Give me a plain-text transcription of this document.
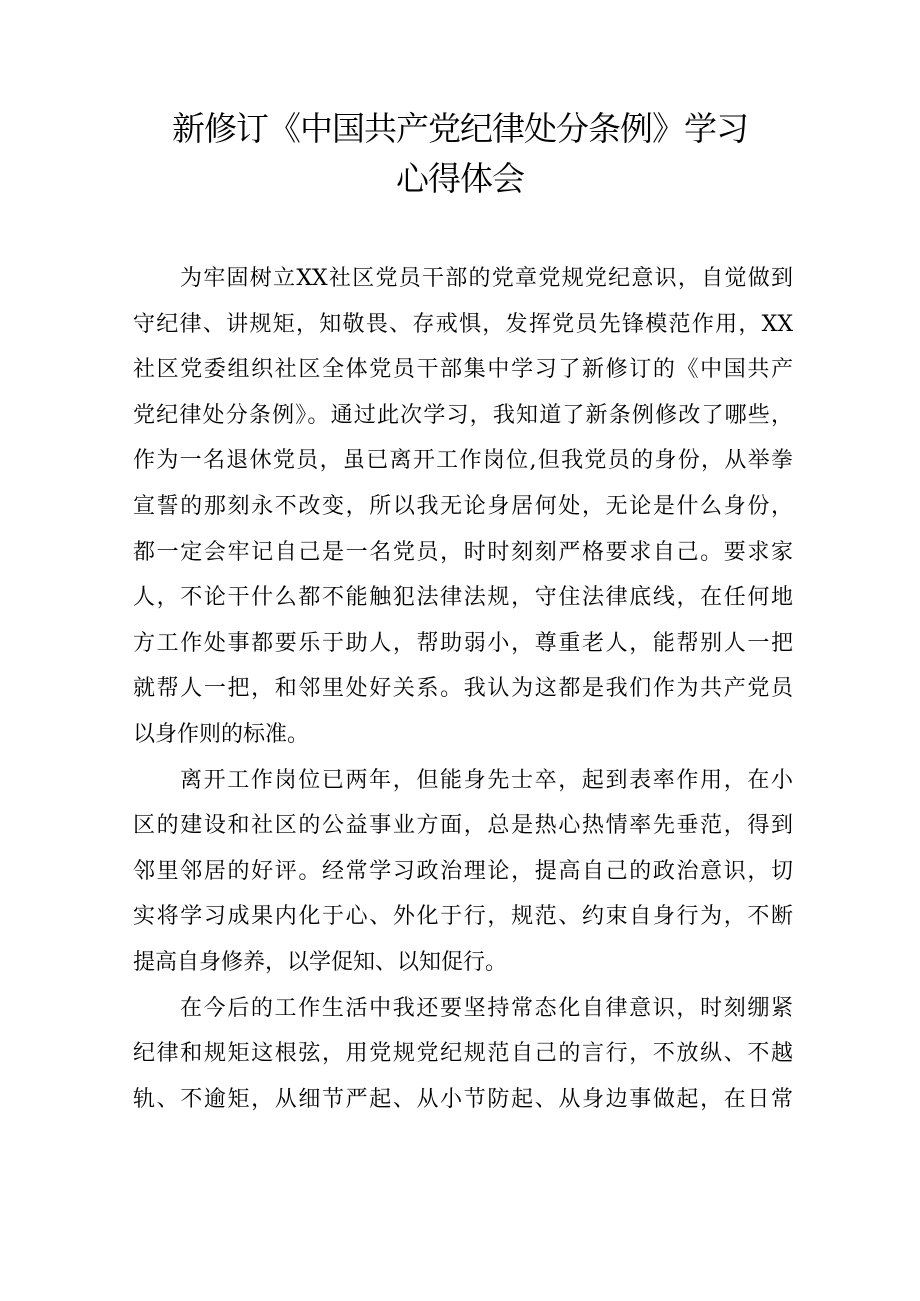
新修订《中国共产党纪律处分条例》学习
心得体会
为牢固树立XX社区党员干部的党章党规党纪意识，自觉做到
守纪律、讲规矩，知敬畏、存戒惧，发挥党员先锋模范作用，XX
社区党委组织社区全体党员干部集中学习了新修订的《中国共产
党纪律处分条例》。通过此次学习，我知道了新条例修改了哪些，
作为一名退休党员，虽已离开工作岗位,但我党员的身份，从举拳
宣誓的那刻永不改变，所以我无论身居何处，无论是什么身份，
都一定会牢记自己是一名党员，时时刻刻严格要求自己。要求家
人，不论干什么都不能触犯法律法规，守住法律底线，在任何地
方工作处事都要乐于助人，帮助弱小，尊重老人，能帮别人一把
就帮人一把，和邻里处好关系。我认为这都是我们作为共产党员
以身作则的标准。
离开工作岗位已两年，但能身先士卒，起到表率作用，在小
区的建设和社区的公益事业方面，总是热心热情率先垂范，得到
邻里邻居的好评。经常学习政治理论，提高自己的政治意识，切
实将学习成果内化于心、外化于行，规范、约束自身行为，不断
提高自身修养，以学促知、以知促行。
在今后的工作生活中我还要坚持常态化自律意识，时刻绷紧
纪律和规矩这根弦，用党规党纪规范自己的言行，不放纵、不越
轨、不逾矩，从细节严起、从小节防起、从身边事做起，在日常
